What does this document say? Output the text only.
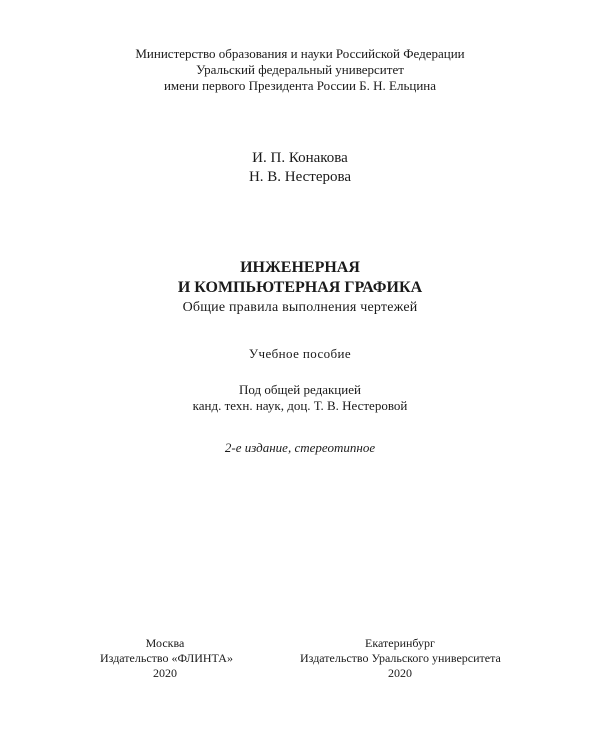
Министерство образования и науки Российской Федерации
Уральский федеральный университет
имени первого Президента России Б. Н. Ельцина
И. П. Конакова
Н. В. Нестерова
ИНЖЕНЕРНАЯ
И КОМПЬЮТЕРНАЯ ГРАФИКА
Общие правила выполнения чертежей
Учебное пособие
Под общей редакцией
канд. техн. наук, доц. Т. В. Нестеровой
2-е издание, стереотипное
Москва
Издательство «ФЛИНТА»
2020
Екатеринбург
Издательство Уральского университета
2020
